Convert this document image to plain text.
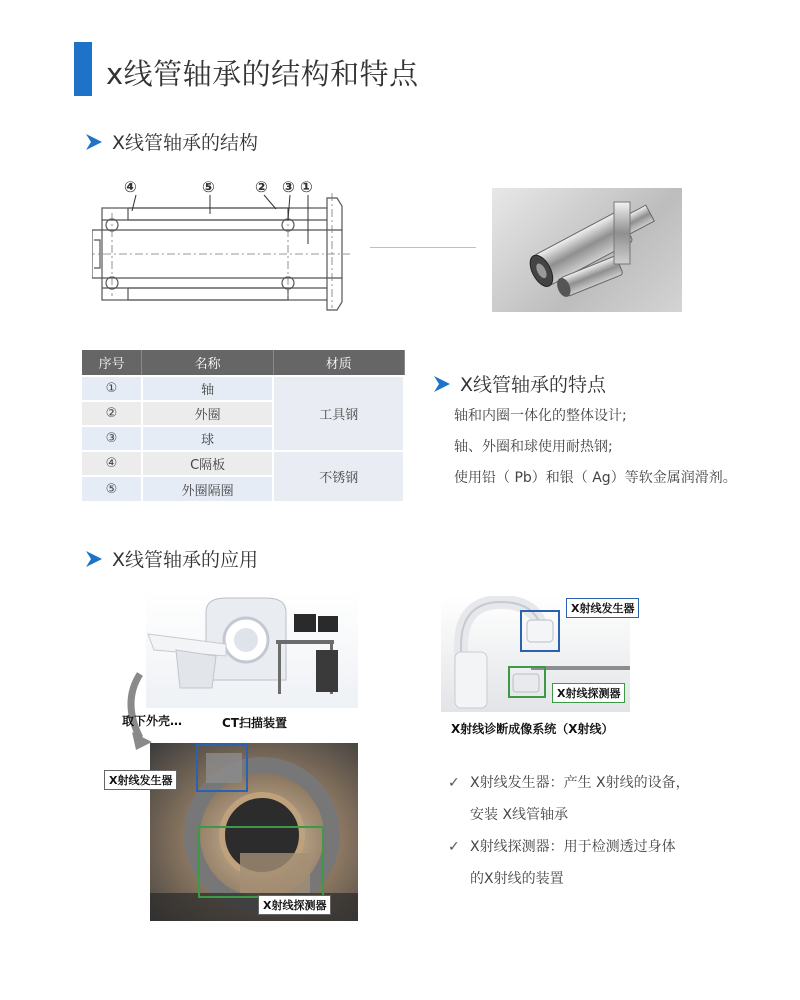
x线管轴承的结构和特点
X线管轴承的结构
④	⑤	② ③ ①
序号	名称	材质
①	轴	工具钢
②	外圈	
③	球	
④	C隔板	不锈钢
⑤	外圈隔圈	
X线管轴承的特点
轴和内圈一体化的整体设计;
轴、外圈和球使用耐热钢;
使用铅（ Pb）和银（ Ag）等软金属润滑剂。
X线管轴承的应用
取下外壳…	CT扫描装置
X射线发生器
X射线探测器
X射线发生器
X射线探测器
X射线诊断成像系统（X射线）
✓ X射线发生器：产生 X射线的设备，
安装 X线管轴承
✓ X射线探测器：用于检测透过身体
的X射线的装置
